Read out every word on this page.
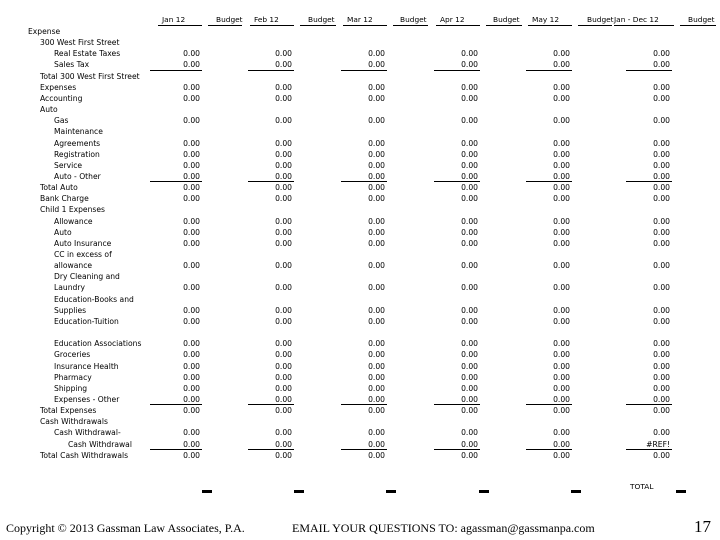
Jan 12	Budget Feb 12	Budget Mar 12	Budget Apr 12	Budget May 12	Budget Jan - Dec 12	Budget
Expense
300 West First Street
Real Estate Taxes	0.00	0.00	0.00	0.00	0.00	0.00
Sales Tax	0.00	0.00	0.00	0.00	0.00	0.00
Total 300 West First Street
Expenses	0.00	0.00	0.00	0.00	0.00	0.00
Accounting	0.00	0.00	0.00	0.00	0.00	0.00
Auto
Gas	0.00	0.00	0.00	0.00	0.00	0.00
Maintenance
Agreements	0.00	0.00	0.00	0.00	0.00	0.00
Registration	0.00	0.00	0.00	0.00	0.00	0.00
Service	0.00	0.00	0.00	0.00	0.00	0.00
Auto - Other	0.00	0.00	0.00	0.00	0.00	0.00
Total Auto	0.00	0.00	0.00	0.00	0.00	0.00
Bank Charge	0.00	0.00	0.00	0.00	0.00	0.00
Child 1 Expenses
Allowance	0.00	0.00	0.00	0.00	0.00	0.00
Auto	0.00	0.00	0.00	0.00	0.00	0.00
Auto Insurance	0.00	0.00	0.00	0.00	0.00	0.00
CC in excess of
allowance	0.00	0.00	0.00	0.00	0.00	0.00
Dry Cleaning and
Laundry	0.00	0.00	0.00	0.00	0.00	0.00
Education-Books and
Supplies	0.00	0.00	0.00	0.00	0.00	0.00
Education-Tuition	0.00	0.00	0.00	0.00	0.00	0.00
Education Associations	0.00	0.00	0.00	0.00	0.00	0.00
Groceries	0.00	0.00	0.00	0.00	0.00	0.00
Insurance Health	0.00	0.00	0.00	0.00	0.00	0.00
Pharmacy	0.00	0.00	0.00	0.00	0.00	0.00
Shipping	0.00	0.00	0.00	0.00	0.00	0.00
Expenses - Other	0.00	0.00	0.00	0.00	0.00	0.00
Total Expenses	0.00	0.00	0.00	0.00	0.00	0.00
Cash Withdrawals
Cash Withdrawal-	0.00	0.00	0.00	0.00	0.00	0.00
Cash Withdrawal	0.00	0.00	0.00	0.00	0.00	#REF!
Total Cash Withdrawals	0.00	0.00	0.00	0.00	0.00	0.00
TOTAL
Copyright © 2013 Gassman Law Associates, P.A.	EMAIL YOUR QUESTIONS TO: agassman@gassmanpa.com	17
